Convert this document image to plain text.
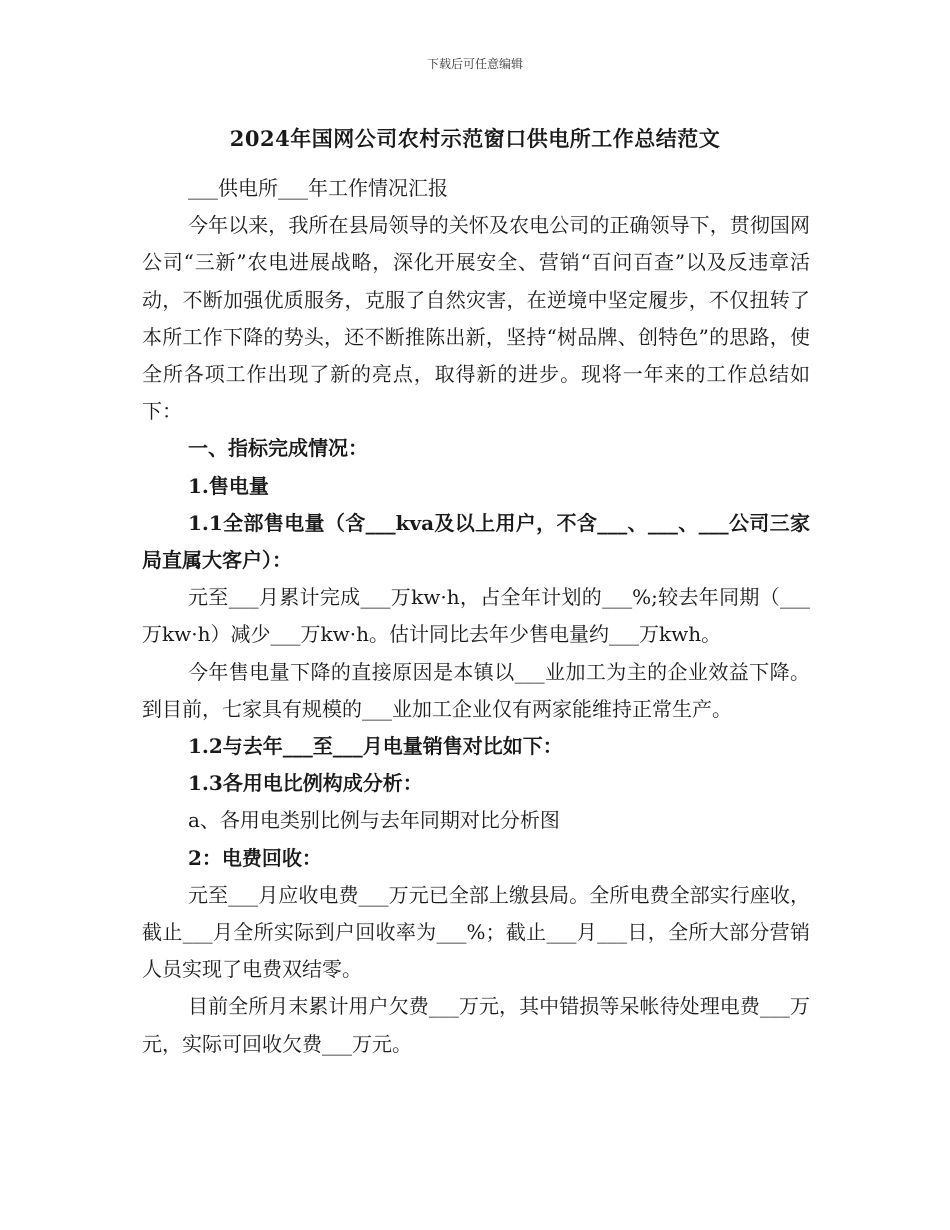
下载后可任意编辑
2024年国网公司农村示范窗口供电所工作总结范文

___供电所___年工作情况汇报

今年以来，我所在县局领导的关怀及农电公司的正确领导下，贯彻国网公司“三新”农电进展战略，深化开展安全、营销“百问百查”以及反违章活动，不断加强优质服务，克服了自然灾害，在逆境中坚定履步，不仅扭转了本所工作下降的势头，还不断推陈出新，坚持“树品牌、创特色”的思路，使全所各项工作出现了新的亮点，取得新的进步。现将一年来的工作总结如下：

一、指标完成情况：

1.售电量

1.1全部售电量（含___kva及以上用户，不含___、___、___公司三家局直属大客户）：

元至___月累计完成___万kw·h，占全年计划的___%;较去年同期（___万kw·h）减少___万kw·h。估计同比去年少售电量约___万kwh。

今年售电量下降的直接原因是本镇以___业加工为主的企业效益下降。到目前，七家具有规模的___业加工企业仅有两家能维持正常生产。

1.2与去年___至___月电量销售对比如下：

1.3各用电比例构成分析：

a、各用电类别比例与去年同期对比分析图

2：电费回收：

元至___月应收电费___万元已全部上缴县局。全所电费全部实行座收，截止___月全所实际到户回收率为___%；截止___月___日，全所大部分营销人员实现了电费双结零。

目前全所月末累计用户欠费___万元，其中错损等呆帐待处理电费___万元，实际可回收欠费___万元。
